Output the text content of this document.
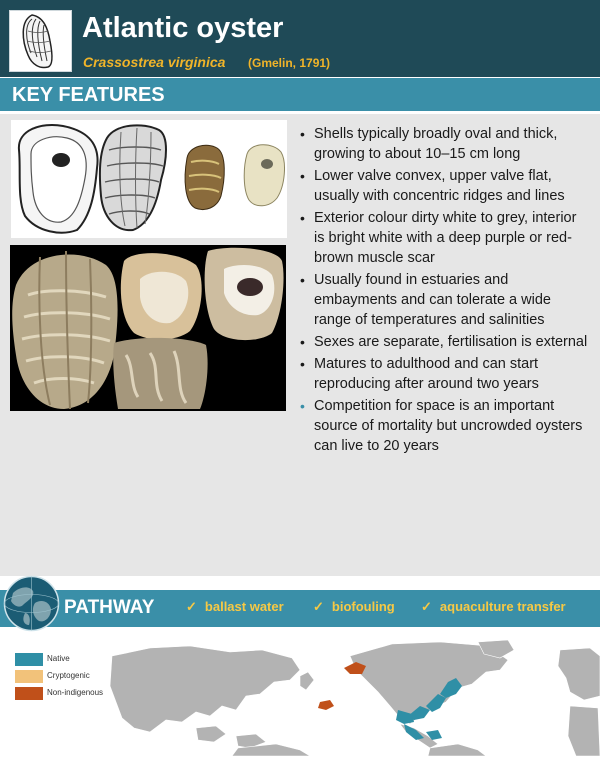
Atlantic oyster
Crassostrea virginica (Gmelin, 1791)
KEY FEATURES
• Shells typically broadly oval and thick, growing to about 10–15 cm long
• Lower valve convex, upper valve flat, usually with concentric ridges and lines
• Exterior colour dirty white to grey, interior is bright white with a deep purple or red-brown muscle scar
• Usually found in estuaries and embayments and can tolerate a wide range of temperatures and salinities
• Sexes are separate, fertilisation is external
• Matures to adulthood and can start reproducing after around two years
• Competition for space is an important source of mortality but uncrowded oysters can live to 20 years
PATHWAY ✓ ballast water ✓ biofouling ✓ aquaculture transfer
Native
Cryptogenic
Non-indigenous
